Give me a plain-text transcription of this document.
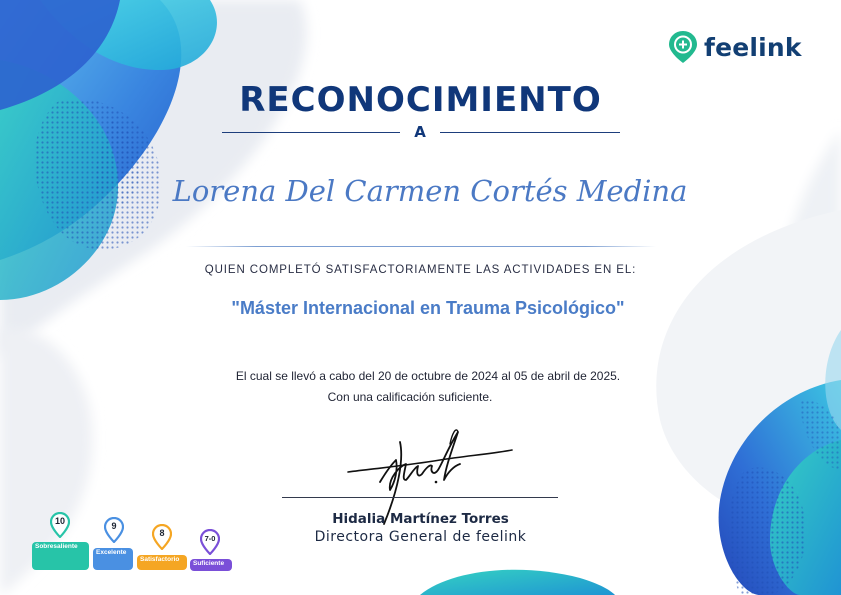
feelink
RECONOCIMIENTO
A
Lorena Del Carmen Cortés Medina
QUIEN COMPLETÓ SATISFACTORIAMENTE LAS ACTIVIDADES EN EL:
"Máster Internacional en Trauma Psicológico"
El cual se llevó a cabo del 20 de octubre de 2024 al 05 de abril de 2025.
Con una calificación suficiente.
Hidalia Martínez Torres
Directora General de feelink
10
Sobresaliente
9
Excelente
8
Satisfactorio
7-0
Suficiente
